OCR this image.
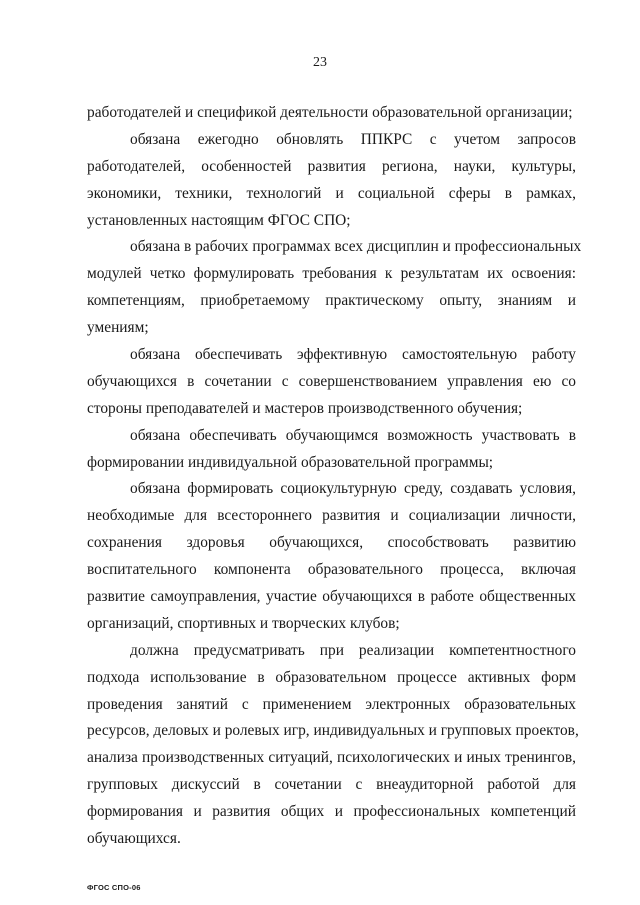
23
работодателей и спецификой деятельности образовательной организации;
обязана ежегодно обновлять ППКРС с учетом запросов
работодателей, особенностей развития региона, науки, культуры,
экономики, техники, технологий и социальной сферы в рамках,
установленных настоящим ФГОС СПО;
обязана в рабочих программах всех дисциплин и профессиональных
модулей четко формулировать требования к результатам их освоения:
компетенциям, приобретаемому практическому опыту, знаниям и
умениям;
обязана обеспечивать эффективную самостоятельную работу
обучающихся в сочетании с совершенствованием управления ею со
стороны преподавателей и мастеров производственного обучения;
обязана обеспечивать обучающимся возможность участвовать в
формировании индивидуальной образовательной программы;
обязана формировать социокультурную среду, создавать условия,
необходимые для всестороннего развития и социализации личности,
сохранения здоровья обучающихся, способствовать развитию
воспитательного компонента образовательного процесса, включая
развитие самоуправления, участие обучающихся в работе общественных
организаций, спортивных и творческих клубов;
должна предусматривать при реализации компетентностного
подхода использование в образовательном процессе активных форм
проведения занятий с применением электронных образовательных
ресурсов, деловых и ролевых игр, индивидуальных и групповых проектов,
анализа производственных ситуаций, психологических и иных тренингов,
групповых дискуссий в сочетании с внеаудиторной работой для
формирования и развития общих и профессиональных компетенций
обучающихся.
ФГОС СПО-06
